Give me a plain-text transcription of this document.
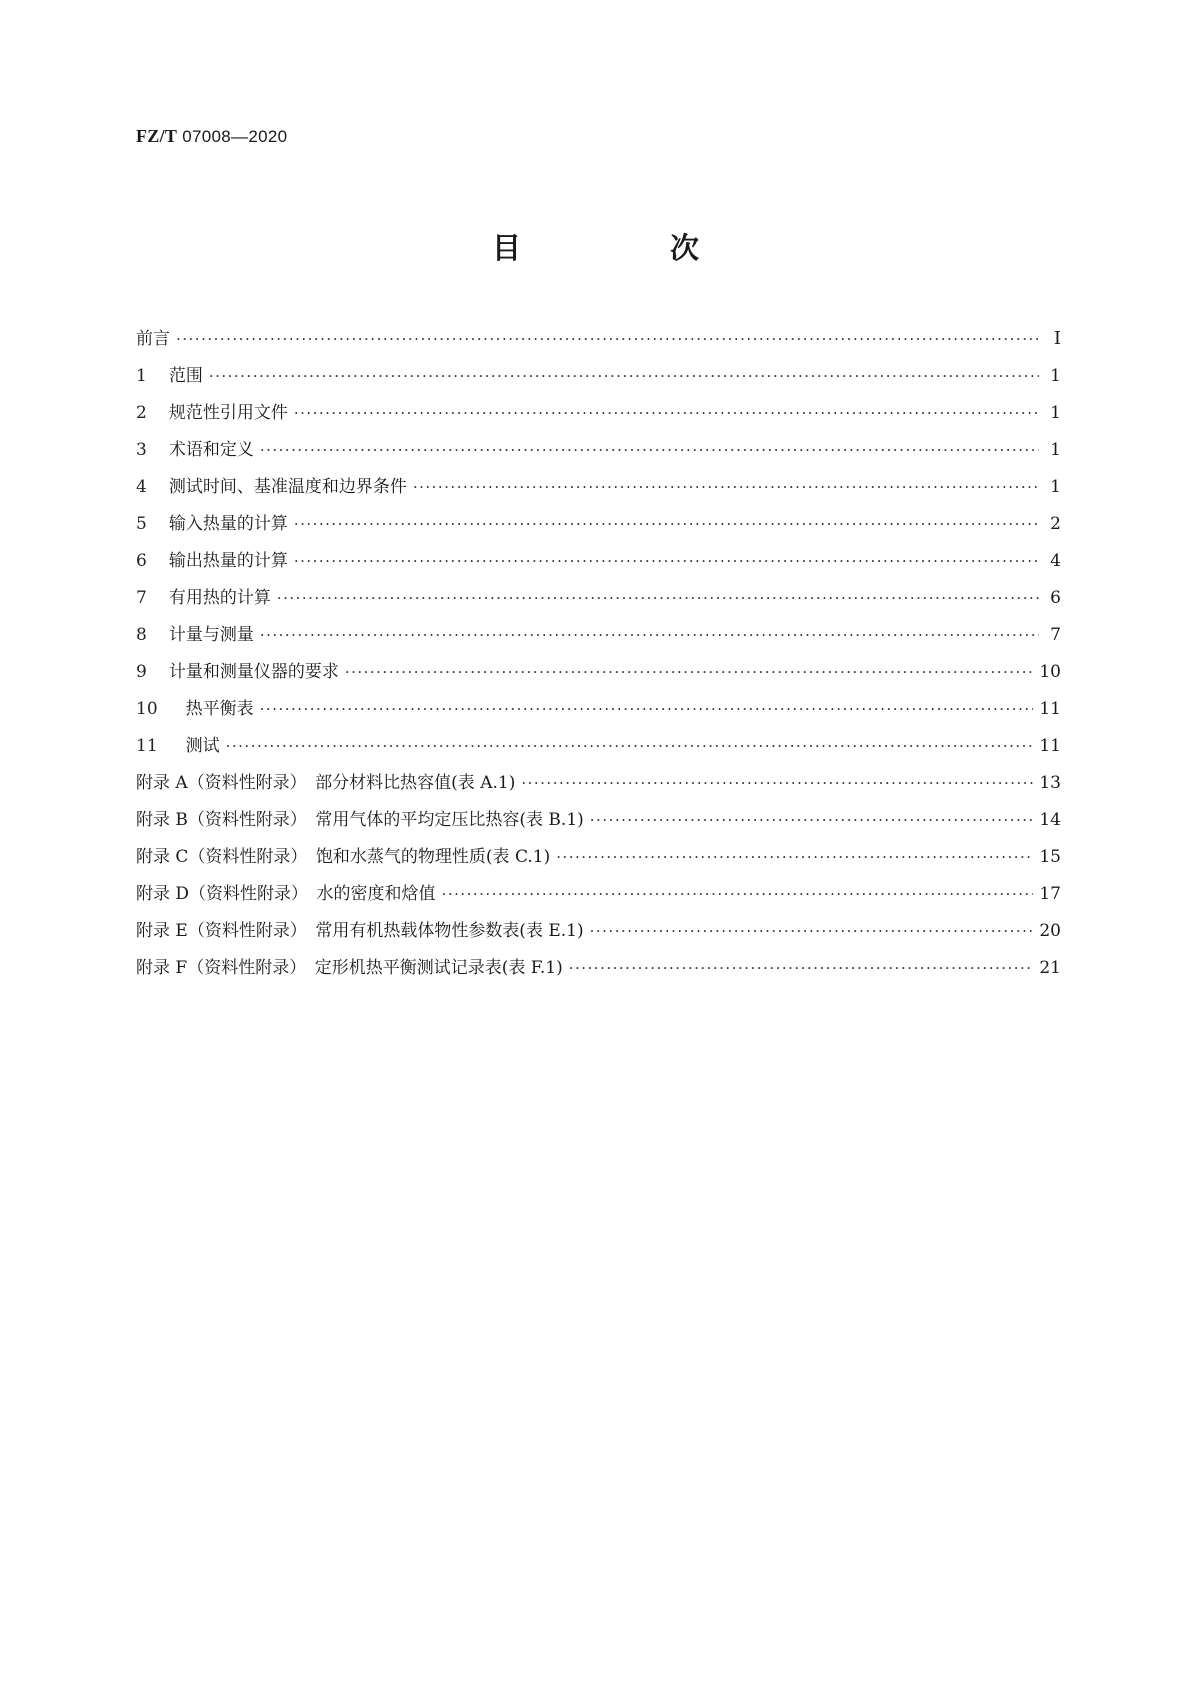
FZ/T 07008—2020
目　次
前言 ·····	Ⅰ
1 范围 ·····	1
2 规范性引用文件 ·····	1
3 术语和定义 ·····	1
4 测试时间、基准温度和边界条件 ·····	1
5 输入热量的计算 ·····	2
6 输出热量的计算 ·····	4
7 有用热的计算 ·····	6
8 计量与测量 ·····	7
9 计量和测量仪器的要求 ·····	10
10 热平衡表 ·····	11
11 测试 ·····	11
附录 A（资料性附录）　部分材料比热容值(表 A.1) ·····	13
附录 B（资料性附录）　常用气体的平均定压比热容(表 B.1) ·····	14
附录 C（资料性附录）　饱和水蒸气的物理性质(表 C.1) ·····	15
附录 D（资料性附录）　水的密度和焓值 ·····	17
附录 E（资料性附录）　常用有机热载体物性参数表(表 E.1) ·····	20
附录 F（资料性附录）　定形机热平衡测试记录表(表 F.1) ·····	21
